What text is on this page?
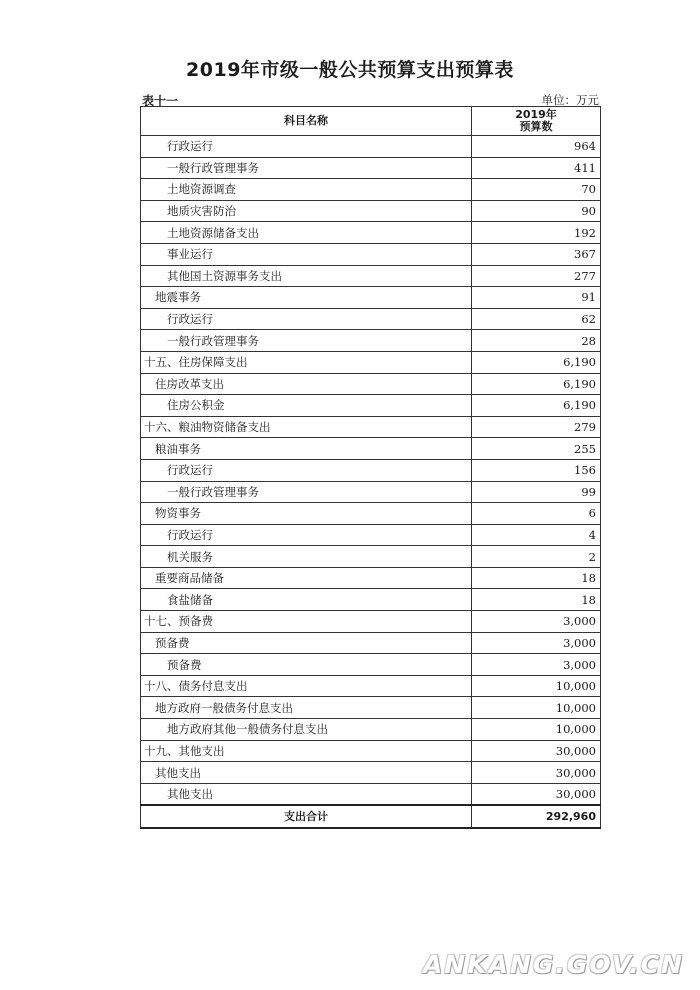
2019年市级一般公共预算支出预算表
表十一	单位：万元
科目名称	2019年
预算数

行政运行	964
一般行政管理事务	411
土地资源调查	70
地质灾害防治	90
土地资源储备支出	192
事业运行	367
其他国土资源事务支出	277
地震事务	91
行政运行	62
一般行政管理事务	28
十五、住房保障支出	6,190
住房改革支出	6,190
住房公积金	6,190
十六、粮油物资储备支出	279
粮油事务	255
行政运行	156
一般行政管理事务	99
物资事务	6
行政运行	4
机关服务	2
重要商品储备	18
食盐储备	18
十七、预备费	3,000
预备费	3,000
预备费	3,000
十八、债务付息支出	10,000
地方政府一般债务付息支出	10,000
地方政府其他一般债务付息支出	10,000
十九、其他支出	30,000
其他支出	30,000
其他支出	30,000
支出合计	292,960
ANKANG.GOV.CN
